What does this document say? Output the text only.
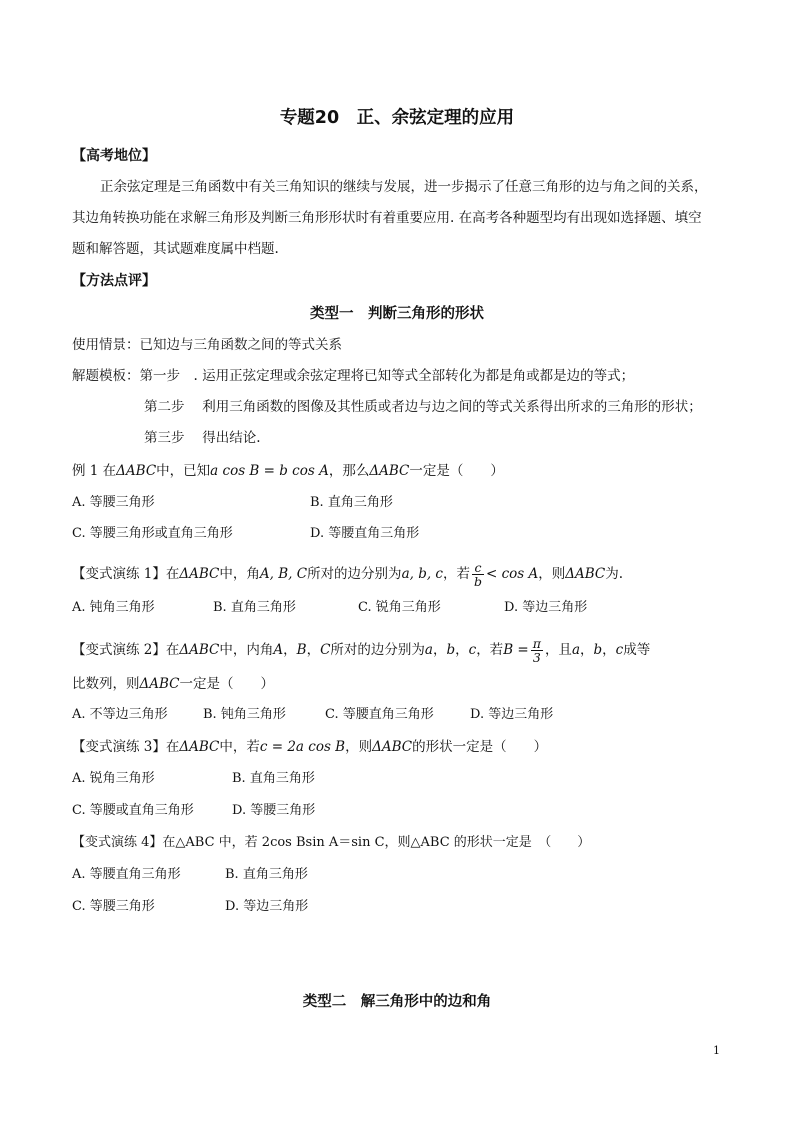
专题20　正、余弦定理的应用
【高考地位】
正余弦定理是三角函数中有关三角知识的继续与发展，进一步揭示了任意三角形的边与角之间的关系，
其边角转换功能在求解三角形及判断三角形形状时有着重要应用. 在高考各种题型均有出现如选择题、填空
题和解答题，其试题难度属中档题.
【方法点评】
类型一　判断三角形的形状
使用情景：已知边与三角函数之间的等式关系
解题模板：第一步　. 运用正弦定理或余弦定理将已知等式全部转化为都是角或都是边的等式；
第二步　 利用三角函数的图像及其性质或者边与边之间的等式关系得出所求的三角形的形状；
第三步　 得出结论.
例 1 在ΔABC中，已知a cos B = b cos A，那么ΔABC一定是（　　）
A. 等腰三角形	B. 直角三角形
C. 等腰三角形或直角三角形	D. 等腰直角三角形
【变式演练 1】在ΔABC中，角A, B, C所对的边分别为a, b, c，若 $\frac{c}{b} < \cos A$，则ΔABC为.
A. 钝角三角形	B. 直角三角形	C. 锐角三角形	D. 等边三角形
【变式演练 2】在ΔABC中，内角A，B，C所对的边分别为a，b，c，若$B = \frac{\pi}{3}$ ，且a，b，c成等
比数列，则ΔABC一定是（　　）
A. 不等边三角形	B. 钝角三角形	C. 等腰直角三角形	D. 等边三角形
【变式演练 3】在ΔABC中，若c = 2a cos B，则ΔABC的形状一定是（　　）
A. 锐角三角形	B. 直角三角形
C. 等腰或直角三角形	D. 等腰三角形
【变式演练 4】在△ABC 中，若 2cos Bsin A＝sin C，则△ABC 的形状一定是　（　　）
A. 等腰直角三角形	B. 直角三角形
C. 等腰三角形	D. 等边三角形
类型二　解三角形中的边和角
1
